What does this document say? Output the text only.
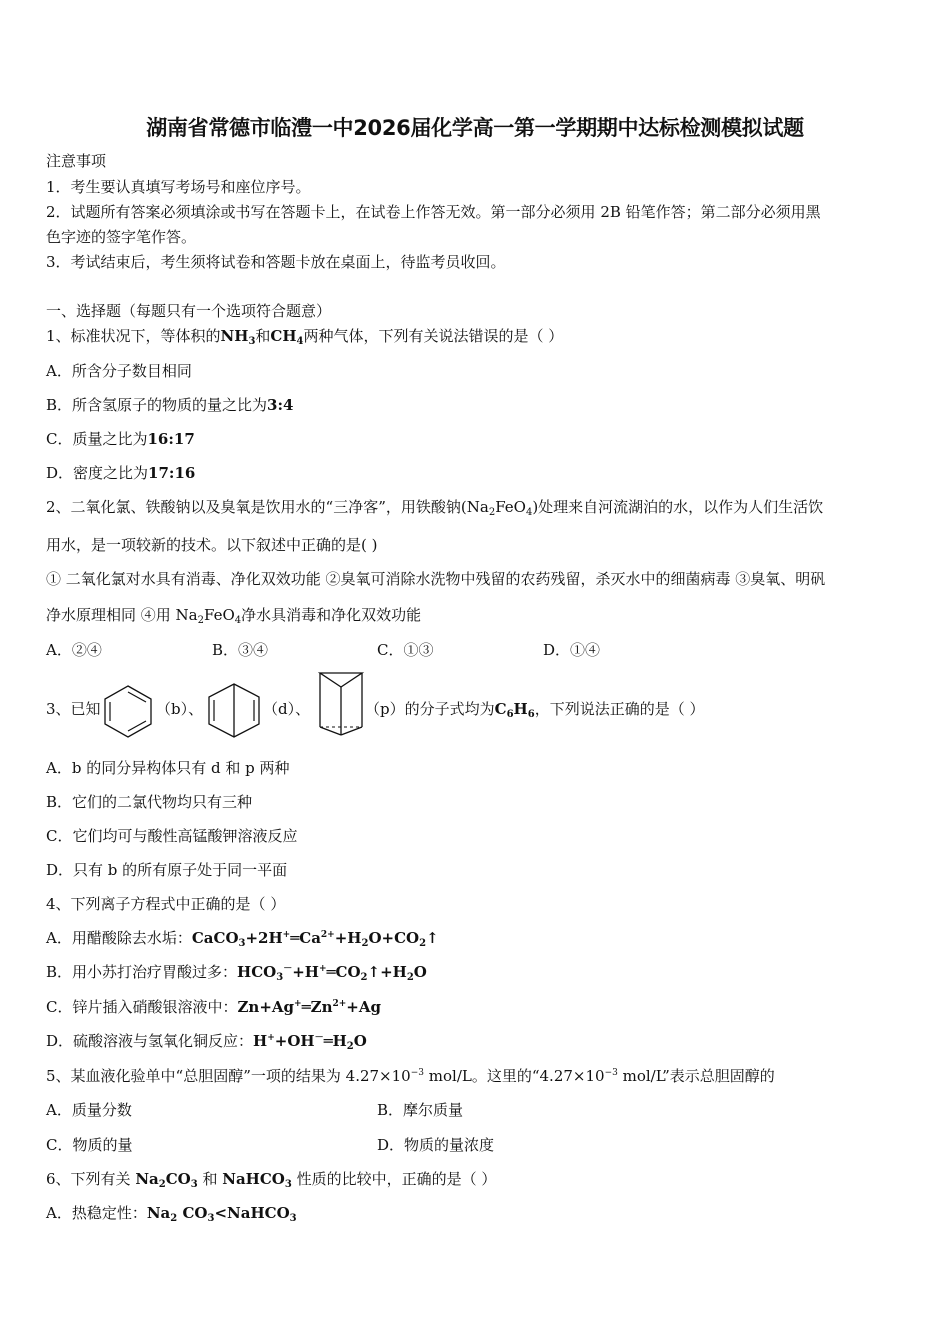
湖南省常德市临澧一中2026届化学高一第一学期期中达标检测模拟试题
注意事项
1．考生要认真填写考场号和座位序号。
2．试题所有答案必须填涂或书写在答题卡上，在试卷上作答无效。第一部分必须用 2B 铅笔作答；第二部分必须用黑
色字迹的签字笔作答。
3．考试结束后，考生须将试卷和答题卡放在桌面上，待监考员收回。
一、选择题（每题只有一个选项符合题意）
1、标准状况下，等体积的$NH_3$和$CH_4$两种气体，下列有关说法错误的是（ ）
A．所含分子数目相同
B．所含氢原子的物质的量之比为3:4
C．质量之比为16:17
D．密度之比为17:16
2、二氧化氯、铁酸钠以及臭氧是饮用水的“三净客”，用铁酸钠$(Na_2FeO_4)$处理来自河流湖泊的水，以作为人们生活饮
用水，是一项较新的技术。以下叙述中正确的是( )
① 二氧化氯对水具有消毒、净化双效功能 ②臭氧可消除水洗物中残留的农药残留，杀灭水中的细菌病毒 ③臭氧、明矾
净水原理相同 ④用 $Na_2FeO_4$净水具消毒和净化双效功能
A．②④	B．③④	C．①③	D．①④
3、已知	（b）、	（d）、	（p）的分子式均为$C_6H_6$，下列说法正确的是（ ）
A．b 的同分异构体只有 d 和 p 两种
B．它们的二氯代物均只有三种
C．它们均可与酸性高锰酸钾溶液反应
D．只有 b 的所有原子处于同一平面
4、下列离子方程式中正确的是（ ）
A．用醋酸除去水垢：$CaCO_3+2H^+═Ca^{2+}+H_2O+CO_2↑$
B．用小苏打治疗胃酸过多：$HCO_3^-+H^+═CO_2↑+H_2O$
C．锌片插入硝酸银溶液中：$Zn+Ag^+═Zn^{2+}+Ag$
D．硫酸溶液与氢氧化铜反应：$H^++OH^-═H_2O$
5、某血液化验单中“总胆固醇”一项的结果为 $4.27\times 10^{-3}$ mol/L。这里的“$4.27\times 10^{-3}$ mol/L”表示总胆固醇的
A．质量分数	B．摩尔质量
C．物质的量	D．物质的量浓度
6、下列有关 $Na_2CO_3$ 和 NaHCO$_3$ 性质的比较中，正确的是（ ）
A．热稳定性：$Na_2$ $CO_3<NaHCO_3$
